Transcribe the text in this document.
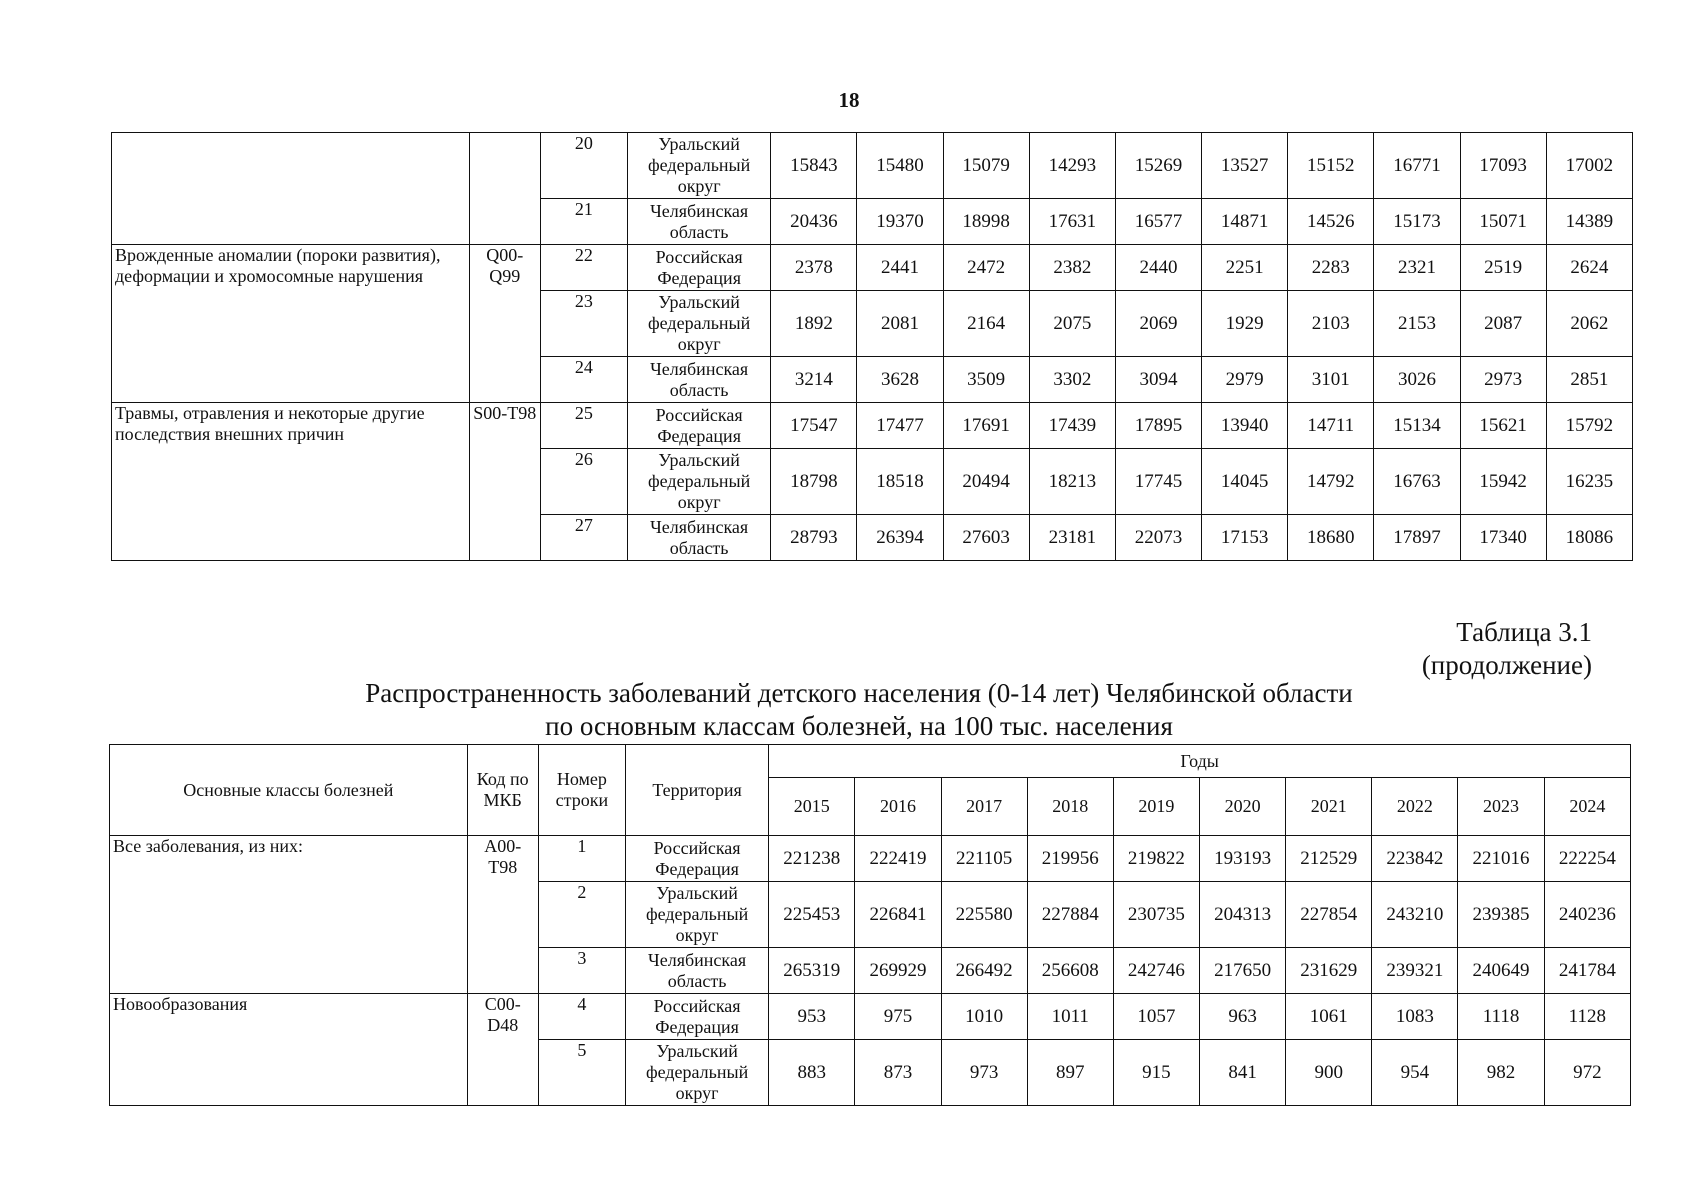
18
		20	Уральский федеральный округ	15843	15480	15079	14293	15269	13527	15152	16771	17093	17002
		21	Челябинская область	20436	19370	18998	17631	16577	14871	14526	15173	15071	14389
Врожденные аномалии (пороки развития), деформации и хромосомные нарушения	Q00-Q99	22	Российская Федерация	2378	2441	2472	2382	2440	2251	2283	2321	2519	2624
		23	Уральский федеральный округ	1892	2081	2164	2075	2069	1929	2103	2153	2087	2062
		24	Челябинская область	3214	3628	3509	3302	3094	2979	3101	3026	2973	2851
Травмы, отравления и некоторые другие последствия внешних причин	S00-T98	25	Российская Федерация	17547	17477	17691	17439	17895	13940	14711	15134	15621	15792
		26	Уральский федеральный округ	18798	18518	20494	18213	17745	14045	14792	16763	15942	16235
		27	Челябинская область	28793	26394	27603	23181	22073	17153	18680	17897	17340	18086
Таблица 3.1
(продолжение)
Распространенность заболеваний детского населения (0-14 лет) Челябинской области
по основным классам болезней, на 100 тыс. населения
Основные классы болезней	Код по МКБ	Номер строки	Территория	Годы									
				2015	2016	2017	2018	2019	2020	2021	2022	2023	2024
Все заболевания, из них:	A00-T98	1	Российская Федерация	221238	222419	221105	219956	219822	193193	212529	223842	221016	222254
		2	Уральский федеральный округ	225453	226841	225580	227884	230735	204313	227854	243210	239385	240236
		3	Челябинская область	265319	269929	266492	256608	242746	217650	231629	239321	240649	241784
Новообразования	C00-D48	4	Российская Федерация	953	975	1010	1011	1057	963	1061	1083	1118	1128
		5	Уральский федеральный округ	883	873	973	897	915	841	900	954	982	972
